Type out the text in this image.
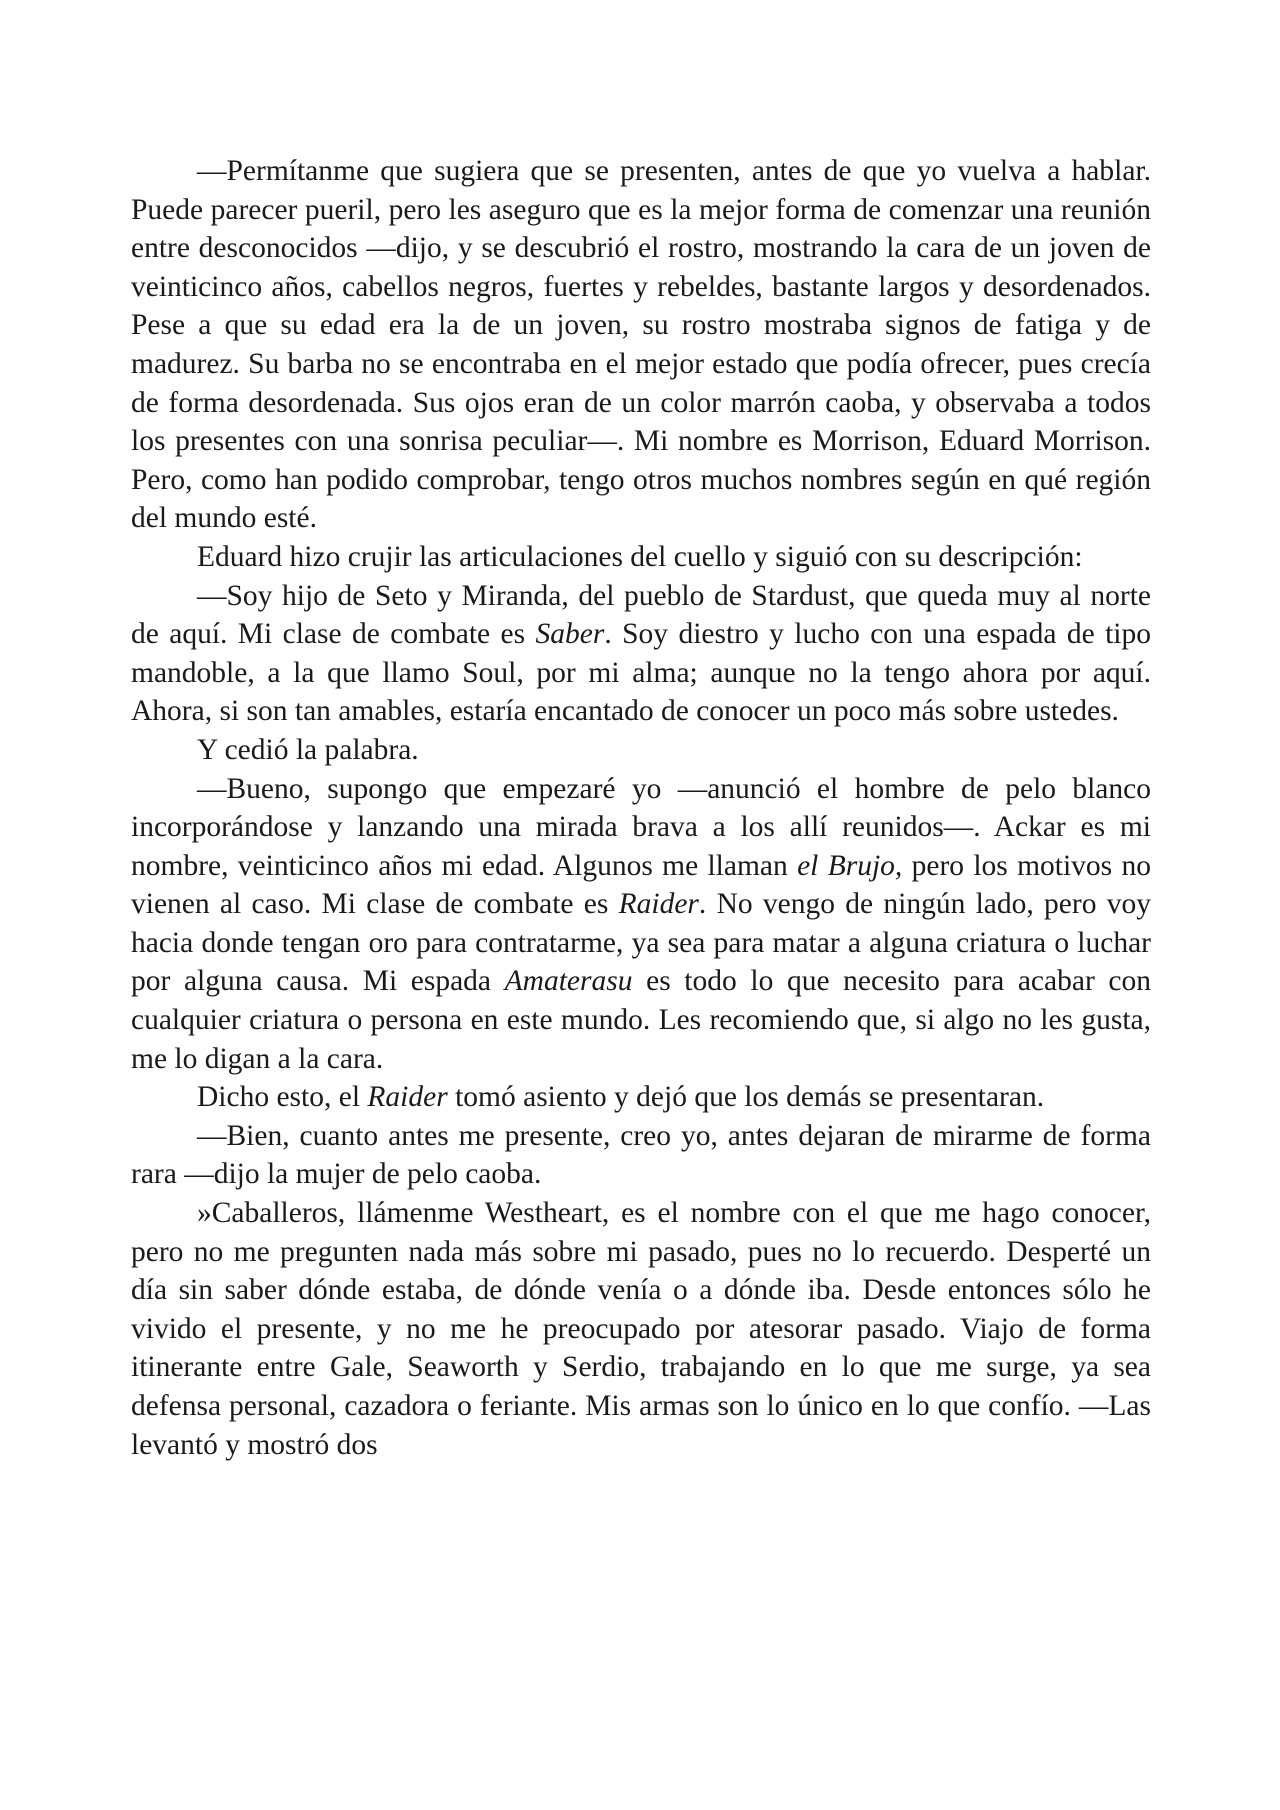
—Permítanme que sugiera que se presenten, antes de que yo vuelva a hablar. Puede parecer pueril, pero les aseguro que es la mejor forma de comenzar una reunión entre desconocidos —dijo, y se descubrió el rostro, mostrando la cara de un joven de veinticinco años, cabellos negros, fuertes y rebeldes, bastante largos y desordenados. Pese a que su edad era la de un joven, su rostro mostraba signos de fatiga y de madurez. Su barba no se encontraba en el mejor estado que podía ofrecer, pues crecía de forma desordenada. Sus ojos eran de un color marrón caoba, y observaba a todos los presentes con una sonrisa peculiar—. Mi nombre es Morrison, Eduard Morrison. Pero, como han podido comprobar, tengo otros muchos nombres según en qué región del mundo esté.

Eduard hizo crujir las articulaciones del cuello y siguió con su descripción:

—Soy hijo de Seto y Miranda, del pueblo de Stardust, que queda muy al norte de aquí. Mi clase de combate es Saber. Soy diestro y lucho con una espada de tipo mandoble, a la que llamo Soul, por mi alma; aunque no la tengo ahora por aquí. Ahora, si son tan amables, estaría encantado de conocer un poco más sobre ustedes.

Y cedió la palabra.

—Bueno, supongo que empezaré yo —anunció el hombre de pelo blanco incorporándose y lanzando una mirada brava a los allí reunidos—. Ackar es mi nombre, veinticinco años mi edad. Algunos me llaman el Brujo, pero los motivos no vienen al caso. Mi clase de combate es Raider. No vengo de ningún lado, pero voy hacia donde tengan oro para contratarme, ya sea para matar a alguna criatura o luchar por alguna causa. Mi espada Amaterasu es todo lo que necesito para acabar con cualquier criatura o persona en este mundo. Les recomiendo que, si algo no les gusta, me lo digan a la cara.

Dicho esto, el Raider tomó asiento y dejó que los demás se presentaran.

—Bien, cuanto antes me presente, creo yo, antes dejaran de mirarme de forma rara —dijo la mujer de pelo caoba.

»Caballeros, llámenme Westheart, es el nombre con el que me hago conocer, pero no me pregunten nada más sobre mi pasado, pues no lo recuerdo. Desperté un día sin saber dónde estaba, de dónde venía o a dónde iba. Desde entonces sólo he vivido el presente, y no me he preocupado por atesorar pasado. Viajo de forma itinerante entre Gale, Seaworth y Serdio, trabajando en lo que me surge, ya sea defensa personal, cazadora o feriante. Mis armas son lo único en lo que confío. —Las levantó y mostró dos
